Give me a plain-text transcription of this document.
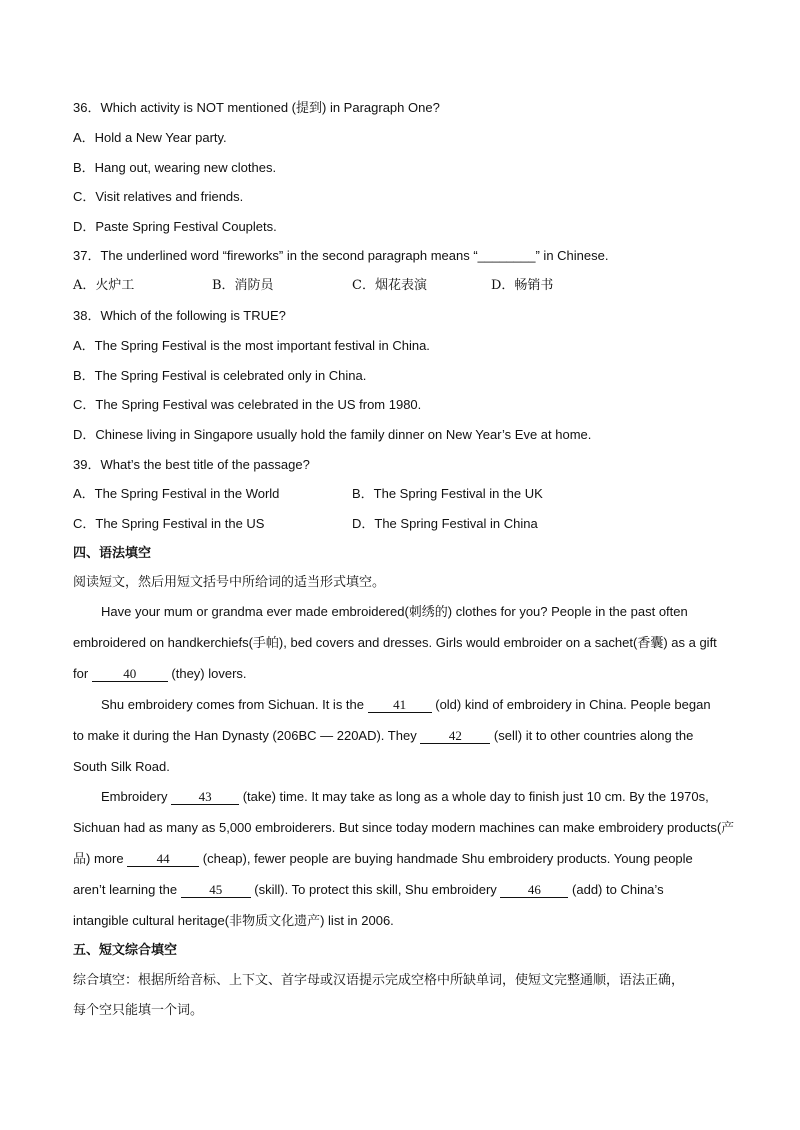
36．Which activity is NOT mentioned (提到) in Paragraph One?
A．Hold a New Year party.
B．Hang out, wearing new clothes.
C．Visit relatives and friends.
D．Paste Spring Festival Couplets.
37．The underlined word “fireworks” in the second paragraph means “________” in Chinese.
A．火炉工	B．消防员	C．烟花表演	D．畅销书
38．Which of the following is TRUE?
A．The Spring Festival is the most important festival in China.
B．The Spring Festival is celebrated only in China.
C．The Spring Festival was celebrated in the US from 1980.
D．Chinese living in Singapore usually hold the family dinner on New Year’s Eve at home.
39．What’s the best title of the passage?
A．The Spring Festival in the World	B．The Spring Festival in the UK
C．The Spring Festival in the US	D．The Spring Festival in China
四、语法填空
阅读短文，然后用短文括号中所给词的适当形式填空。
Have your mum or grandma ever made embroidered(刺绣的) clothes for you? People in the past often
embroidered on handkerchiefs(手帕), bed covers and dresses. Girls would embroider on a sachet(香囊) as a gift
for 40 (they) lovers.
Shu embroidery comes from Sichuan. It is the 41 (old) kind of embroidery in China. People began
to make it during the Han Dynasty (206BC — 220AD). They 42 (sell) it to other countries along the
South Silk Road.
Embroidery 43 (take) time. It may take as long as a whole day to finish just 10 cm. By the 1970s,
Sichuan had as many as 5,000 embroiderers. But since today modern machines can make embroidery products(产
品) more 44 (cheap), fewer people are buying handmade Shu embroidery products. Young people
aren’t learning the 45 (skill). To protect this skill, Shu embroidery 46 (add) to China’s
intangible cultural heritage(非物质文化遗产) list in 2006.
五、短文综合填空
综合填空：根据所给音标、上下文、首字母或汉语提示完成空格中所缺单词，使短文完整通顺，语法正确，
每个空只能填一个词。
